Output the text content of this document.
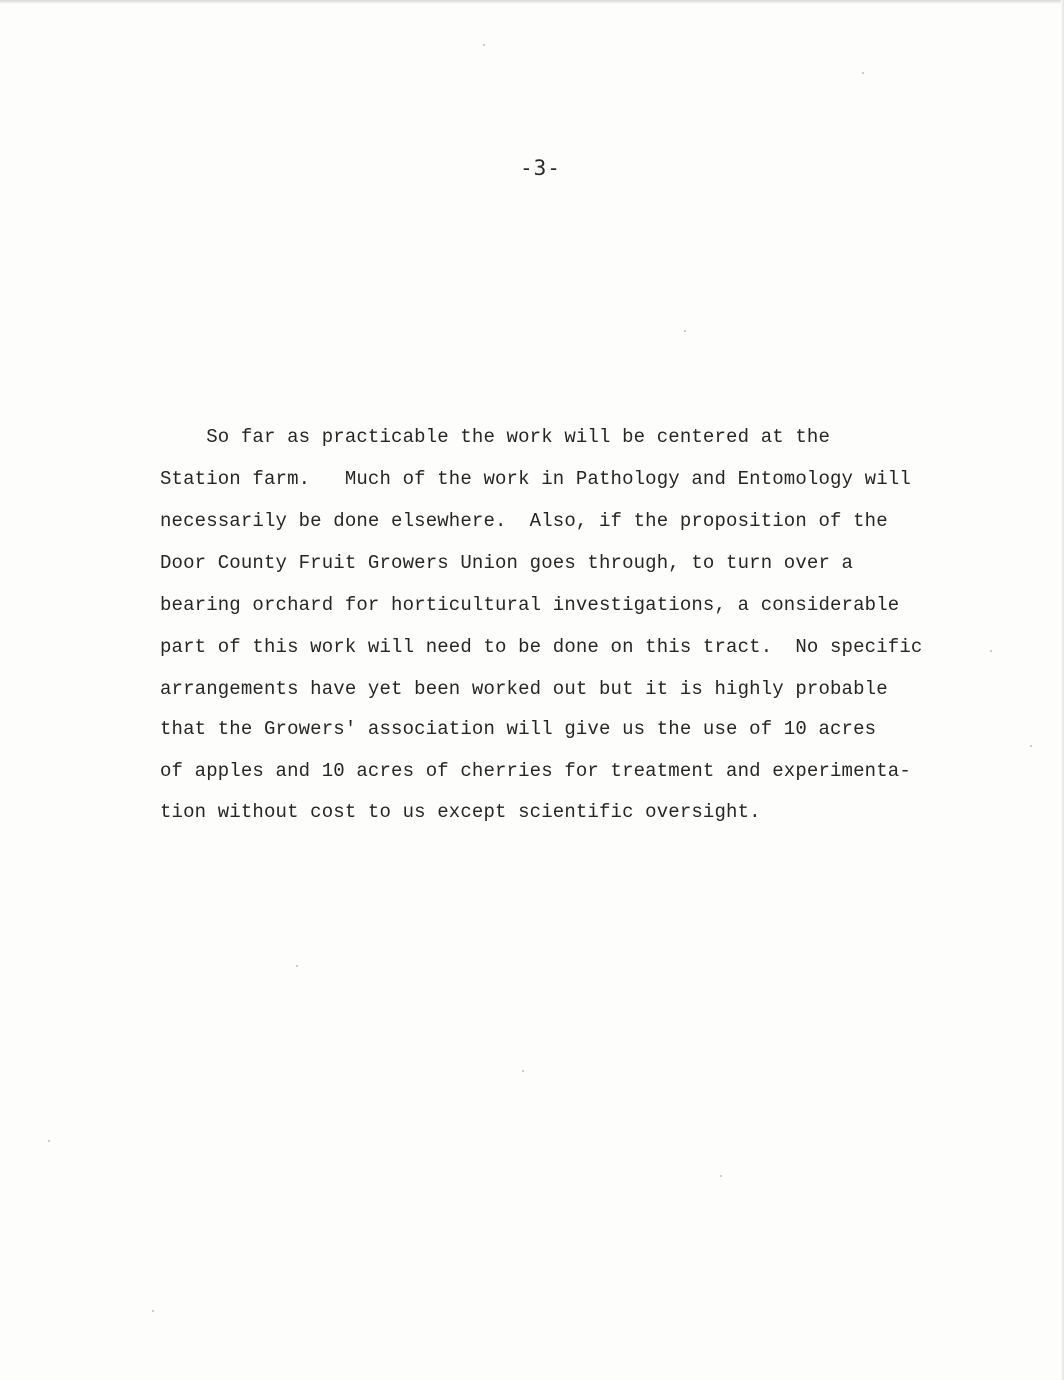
-3-

So far as practicable the work will be centered at the

Station farm.   Much of the work in Pathology and Entomology will

necessarily be done elsewhere.  Also, if the proposition of the

Door County Fruit Growers Union goes through, to turn over a

bearing orchard for horticultural investigations, a considerable

part of this work will need to be done on this tract.  No specific

arrangements have yet been worked out but it is highly probable

that the Growers' association will give us the use of 10 acres

of apples and 10 acres of cherries for treatment and experimenta-

tion without cost to us except scientific oversight.
